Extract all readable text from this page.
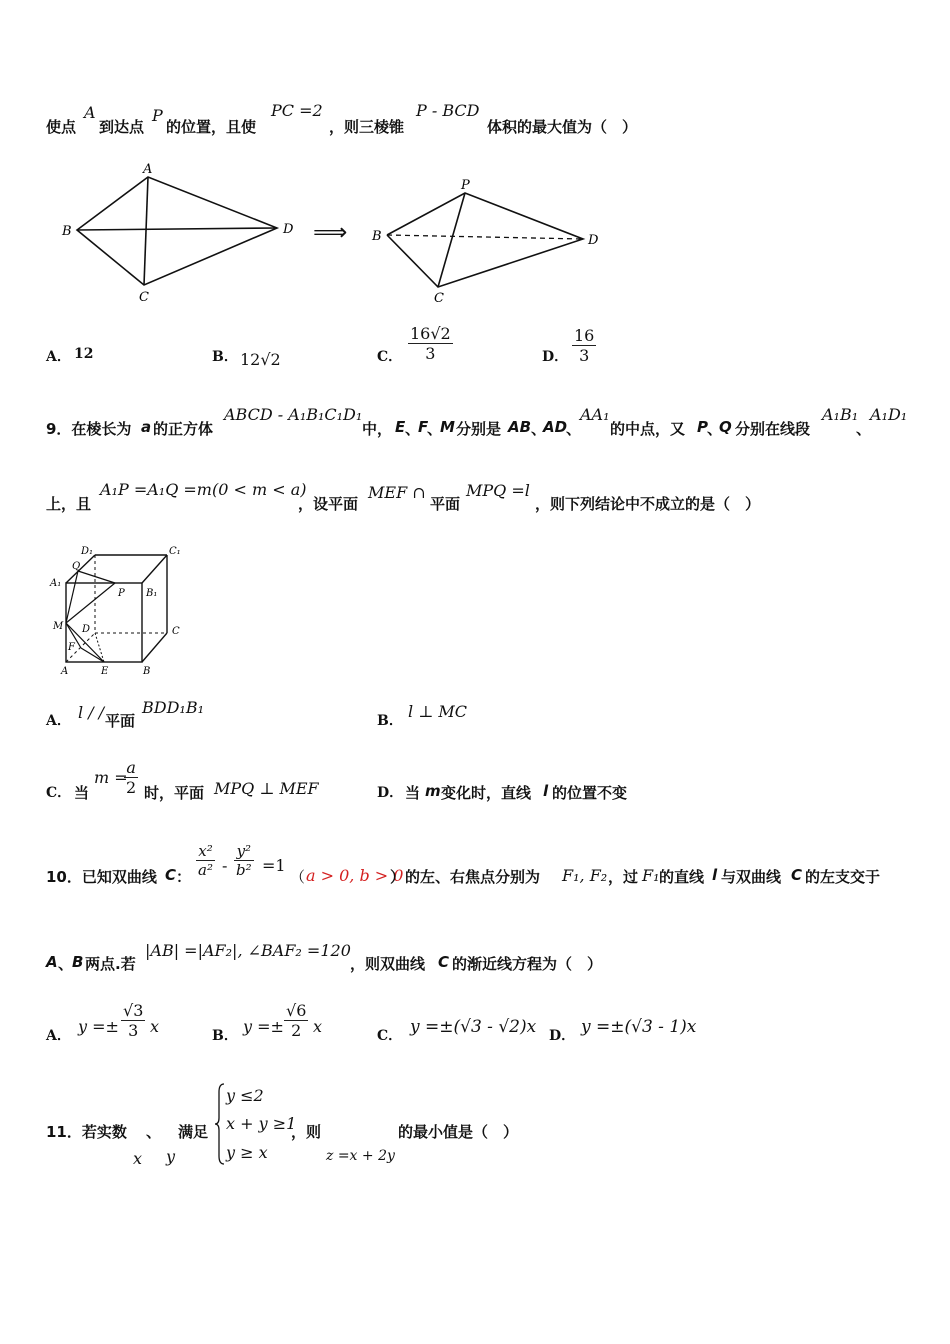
使点
A
到达点
P
的位置，且使
PC =2
，则三棱锥
P - BCD
体积的最大值为（　）
A
B
C
D ⟹
P
B
C
D
A． 12	B． 12√2	C． $\frac{16√2}{3}$	D． $\frac{16}{3}$
9．在棱长为 a 的正方体
ABCD - A₁B₁C₁D₁
中， E 、
F
、
M 分别是 AB 、
AD
、
AA₁
的中点，又 P 、
Q 分别在线段
A₁B₁
、
A₁D₁
上，且
A₁P =A₁Q =m(0 < m < a)
，设平面
MEF ∩
平面
MPQ =l
，则下列结论中不成立的是（　）
D₁	C₁
A₁
Q
P B₁
M D	C
F
A	E	B
A． l / / 平面
BDD₁B₁
B． l ⊥ MC
C． 当
m =
$\frac{a}{2}$ 时，平面 MPQ ⊥ MEF	D． 当 m 变化时，直线 l 的位置不变
10．已知双曲线 C ： $\frac{\text{x²}}{\text{a²}} - \frac{\text{y²}}{\text{b²}} =1$
（ a > 0, b > 0
）的左、右焦点分别为 F₁, F₂ ，过 F₁ 的直线 l 与双曲线 C 的左支交于
A 、
B 两点.若
|AB| =|AF₂|, ∠BAF₂ =120
，则双曲线 C 的渐近线方程为（　）
A． $y =\pm \frac{√3}{3}$ x	B． $y =\pm \frac{√6}{2}$ x	C． y =±(√3 - √2)x D． y =±(√3 - 1)x
11．若实数
x
、
y
满足
y ≤2
x + y ≥1
y ≥ x
，则
z =x + 2y
的最小值是（　）
